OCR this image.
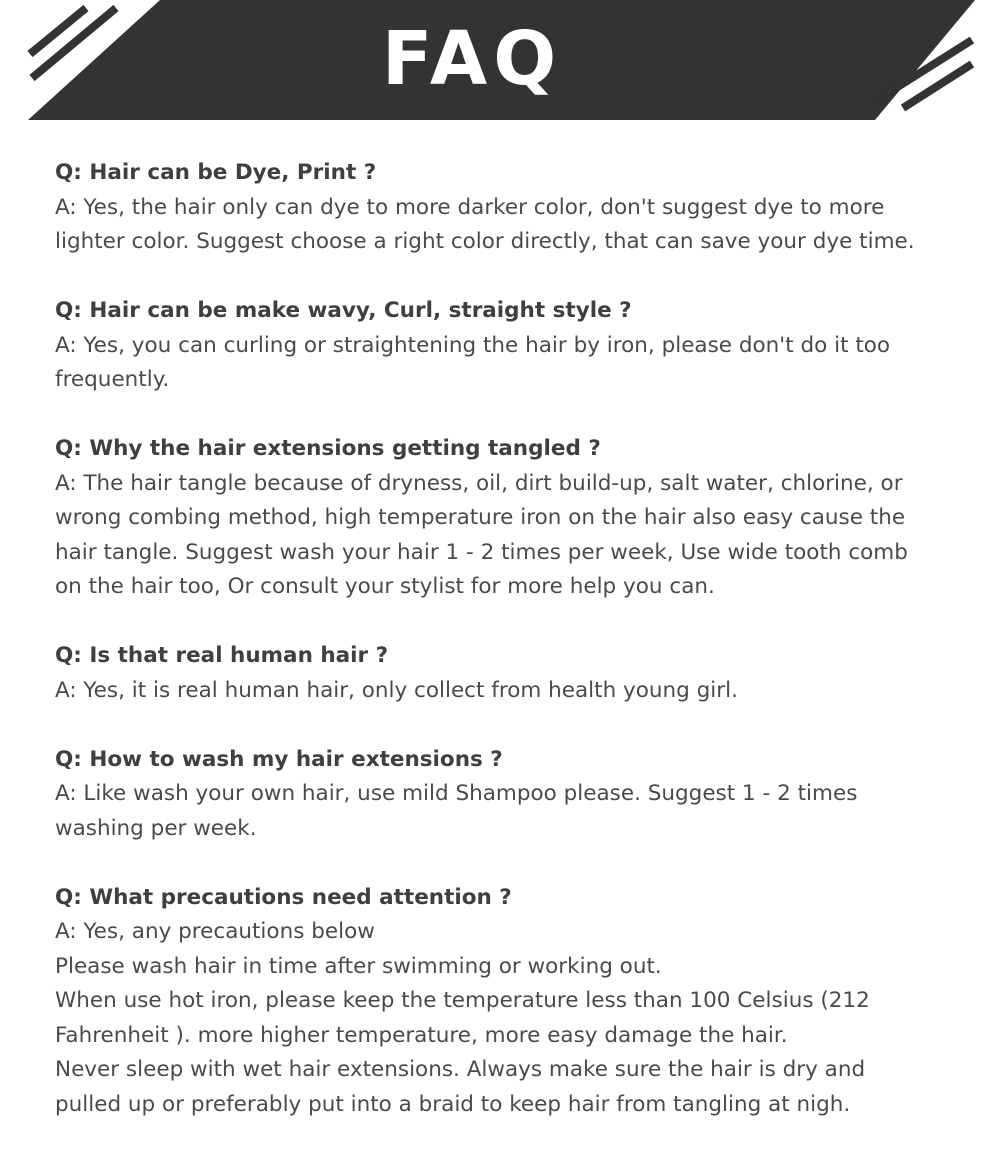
FAQ
Q: Hair can be Dye, Print ?
A: Yes, the hair only can dye to more darker color, don't suggest dye to more
lighter color. Suggest choose a right color directly, that can save your dye time.
Q: Hair can be make wavy, Curl, straight style ?
A: Yes, you can curling or straightening the hair by iron, please don't do it too
frequently.
Q: Why the hair extensions getting tangled ?
A: The hair tangle because of dryness, oil, dirt build-up, salt water, chlorine, or
wrong combing method, high temperature iron on the hair also easy cause the
hair tangle. Suggest wash your hair 1 - 2 times per week, Use wide tooth comb
on the hair too, Or consult your stylist for more help you can.
Q: Is that real human hair ?
A: Yes, it is real human hair, only collect from health young girl.
Q: How to wash my hair extensions ?
A: Like wash your own hair, use mild Shampoo please. Suggest 1 - 2 times
washing per week.
Q: What precautions need attention ?
A: Yes, any precautions below
Please wash hair in time after swimming or working out.
When use hot iron, please keep the temperature less than 100 Celsius (212
Fahrenheit ). more higher temperature, more easy damage the hair.
Never sleep with wet hair extensions. Always make sure the hair is dry and
pulled up or preferably put into a braid to keep hair from tangling at nigh.
